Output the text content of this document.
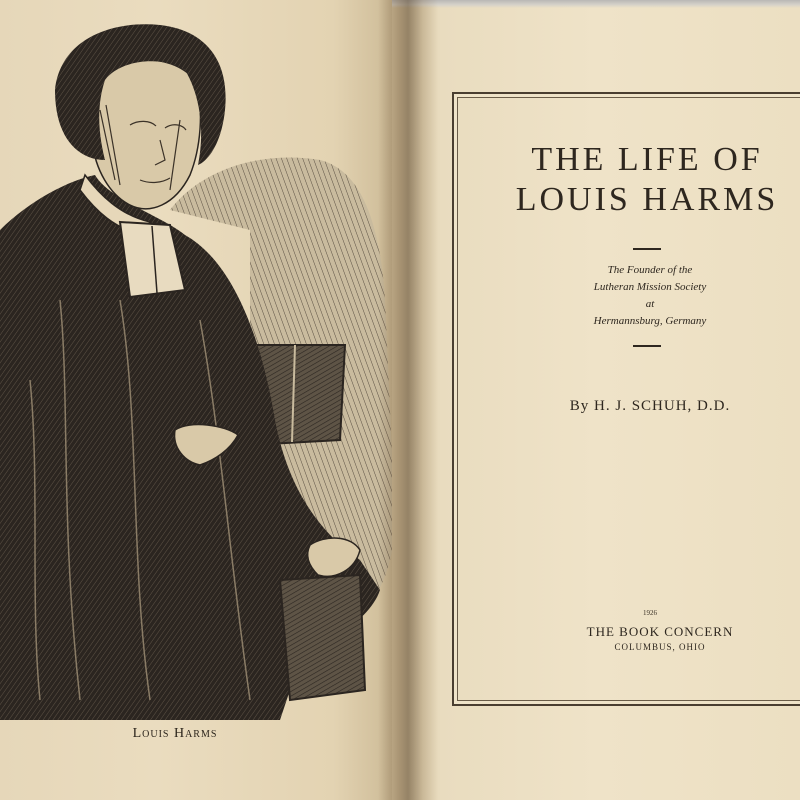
Louis Harms
THE LIFE OF
LOUIS HARMS
The Founder of the
Lutheran Mission Society
at
Hermannsburg, Germany
By H. J. SCHUH, D.D.
1926
THE BOOK CONCERN
COLUMBUS, OHIO
